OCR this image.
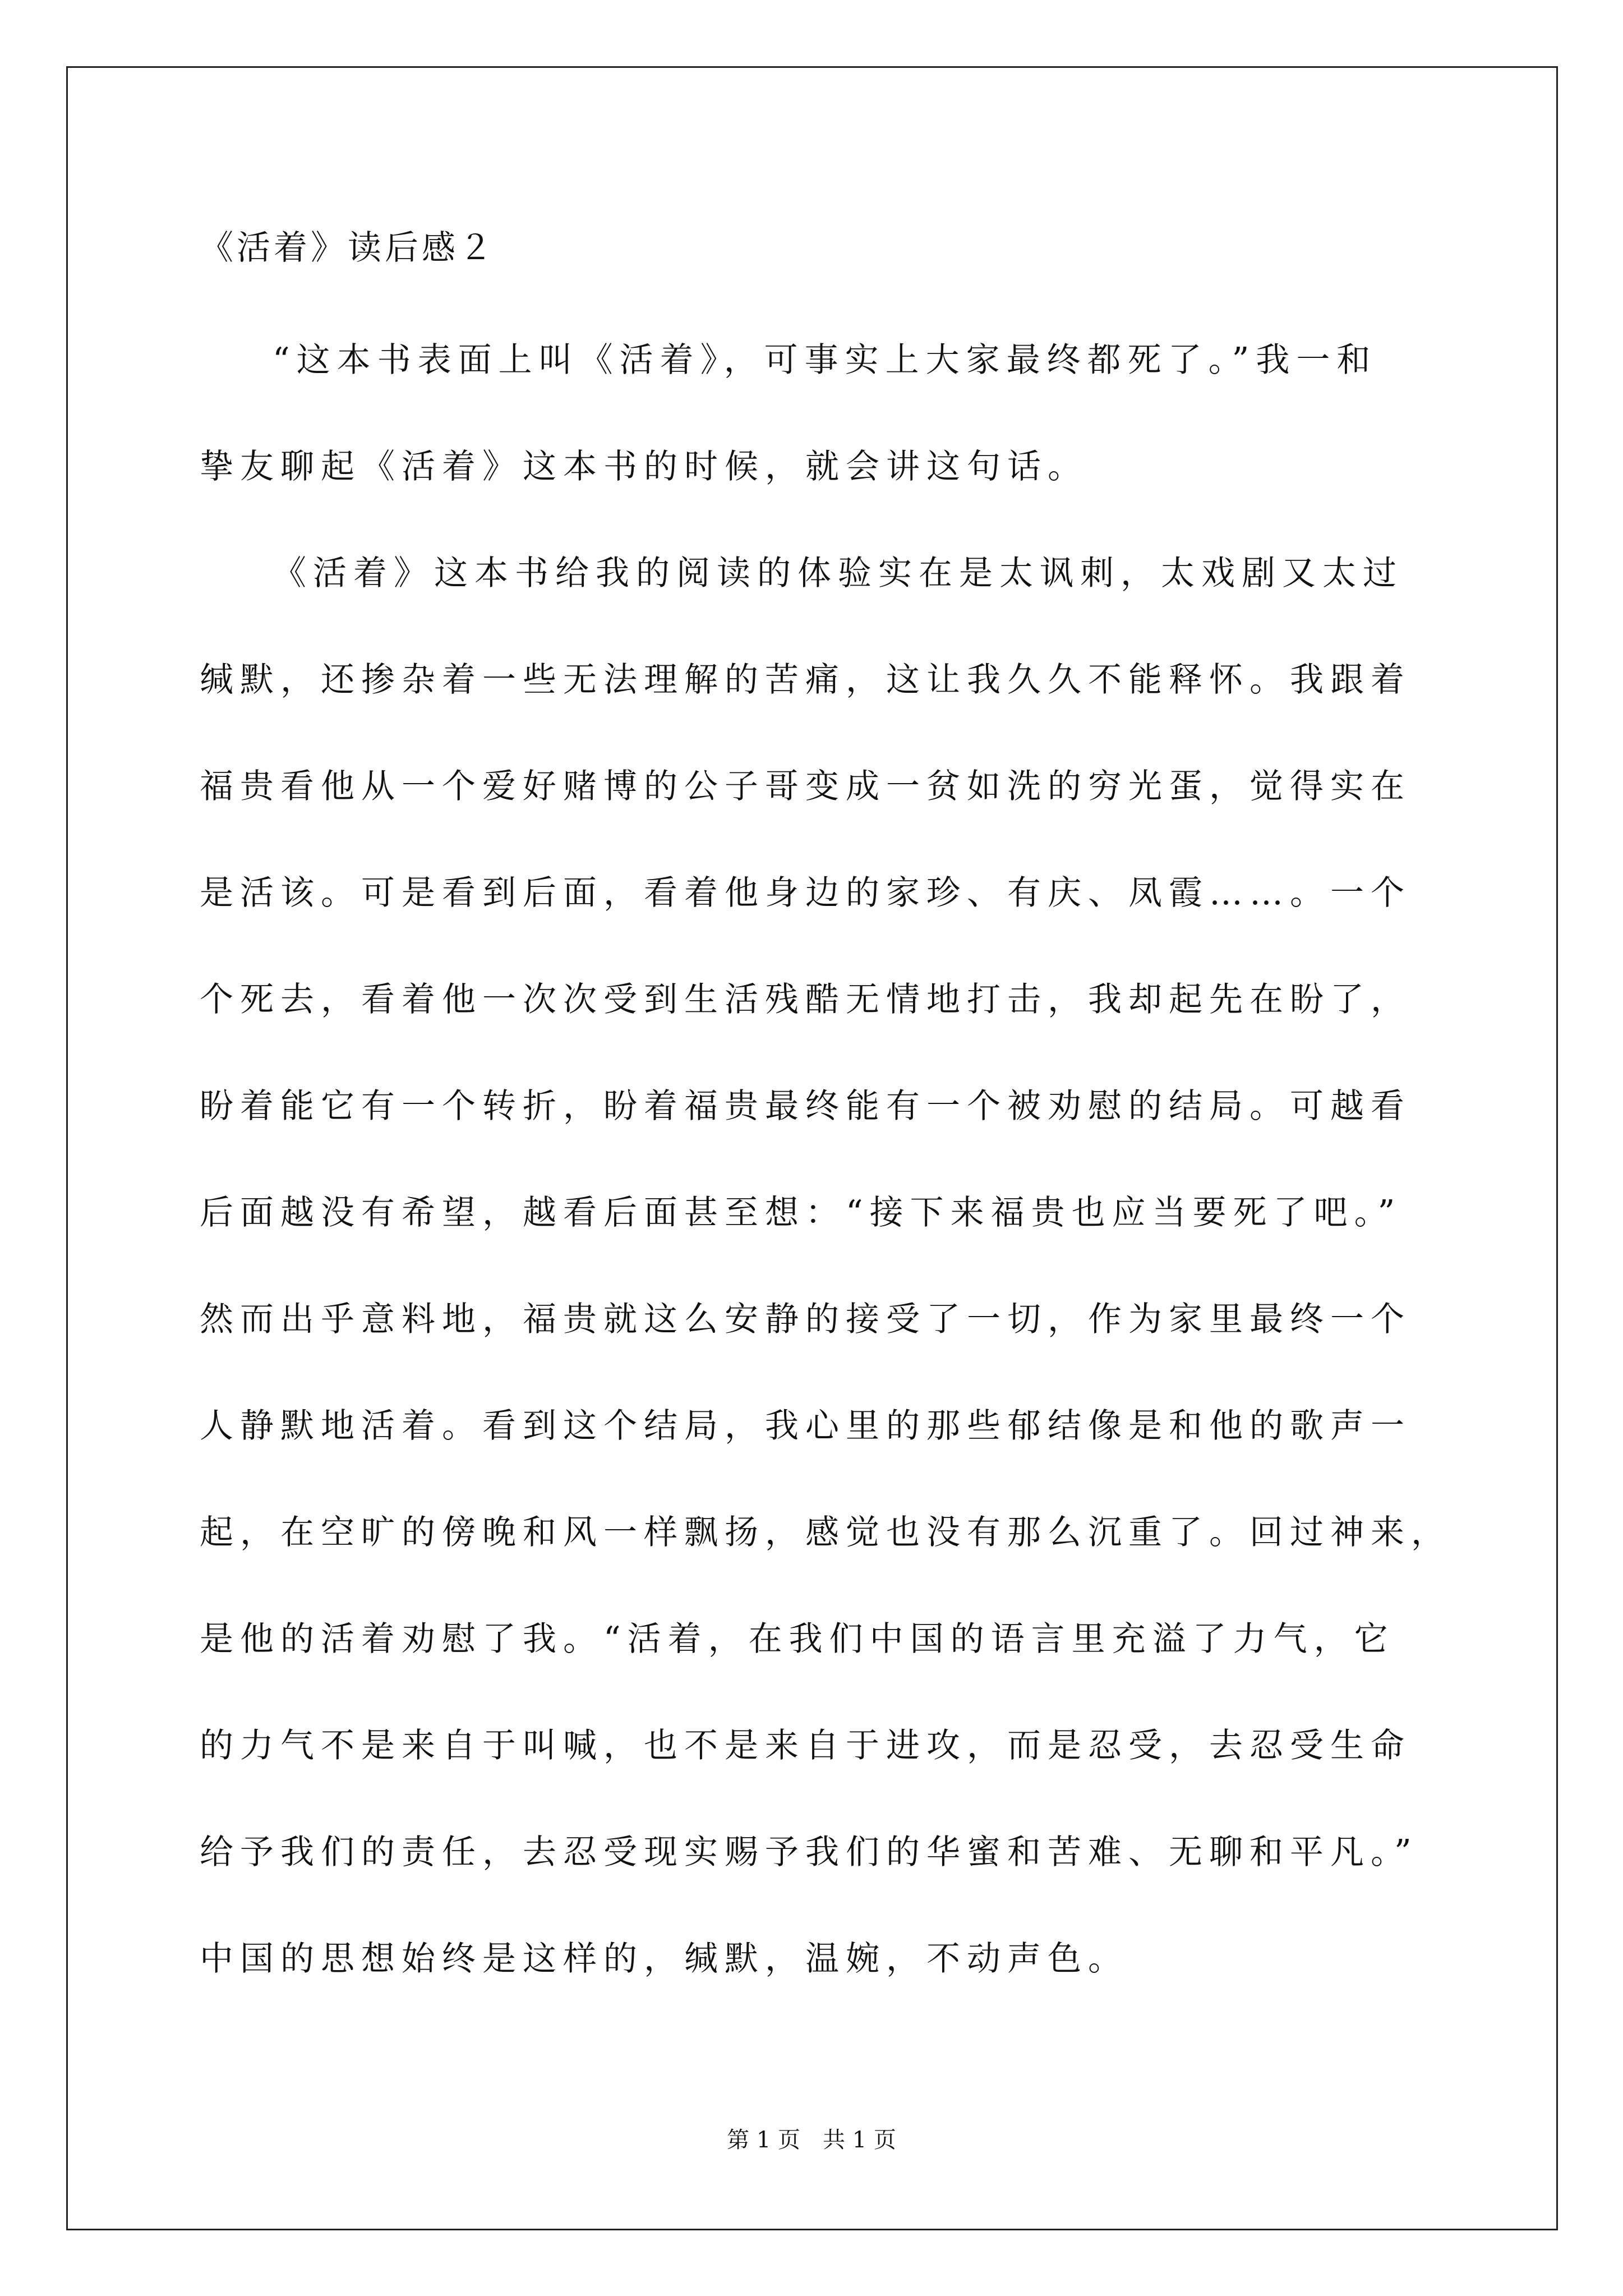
《活着》读后感２
“这本书表面上叫《活着》，可事实上大家最终都死了。”我一和
挚友聊起《活着》这本书的时候，就会讲这句话。
《活着》这本书给我的阅读的体验实在是太讽刺，太戏剧又太过
缄默，还掺杂着一些无法理解的苦痛，这让我久久不能释怀。我跟着
福贵看他从一个爱好赌博的公子哥变成一贫如洗的穷光蛋，觉得实在
是活该。可是看到后面，看着他身边的家珍、有庆、凤霞……。一个
个死去，看着他一次次受到生活残酷无情地打击，我却起先在盼了，
盼着能它有一个转折，盼着福贵最终能有一个被劝慰的结局。可越看
后面越没有希望，越看后面甚至想：“接下来福贵也应当要死了吧。”
然而出乎意料地，福贵就这么安静的接受了一切，作为家里最终一个
人静默地活着。看到这个结局，我心里的那些郁结像是和他的歌声一
起，在空旷的傍晚和风一样飘扬，感觉也没有那么沉重了。回过神来，
是他的活着劝慰了我。“活着，在我们中国的语言里充溢了力气，它
的力气不是来自于叫喊，也不是来自于进攻，而是忍受，去忍受生命
给予我们的责任，去忍受现实赐予我们的华蜜和苦难、无聊和平凡。”
中国的思想始终是这样的，缄默，温婉，不动声色。
第 1 页 共 1 页
